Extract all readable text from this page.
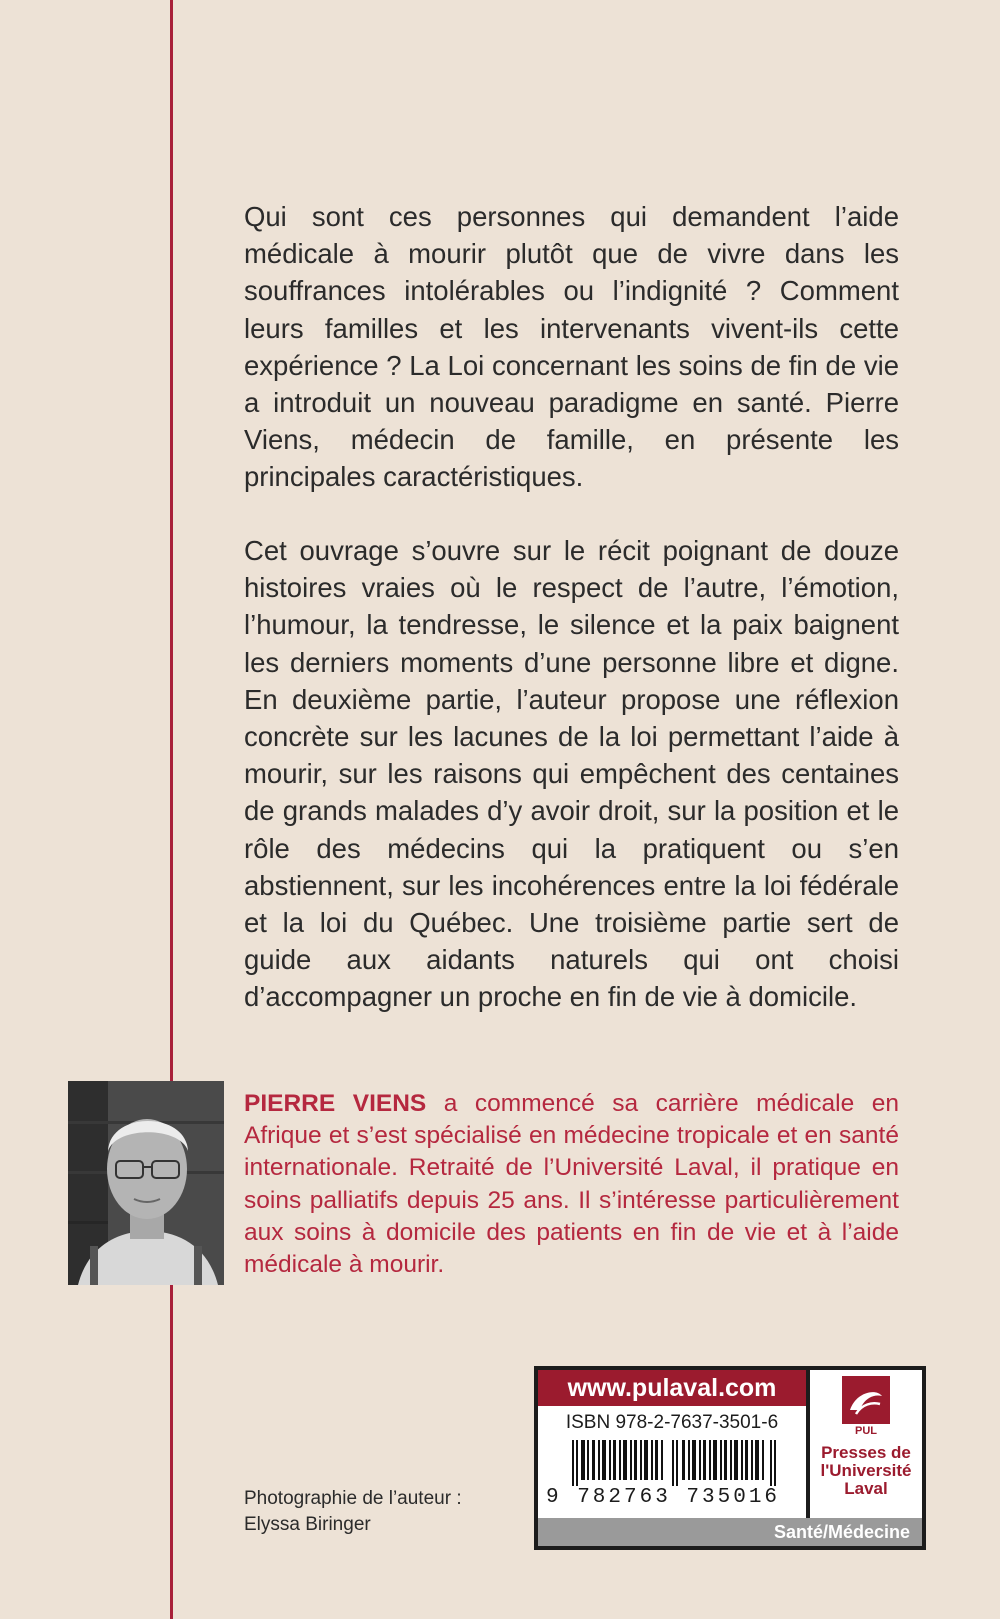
Qui sont ces personnes qui demandent l’aide médicale à mourir plutôt que de vivre dans les souffrances intolérables ou l’indignité ? Comment leurs familles et les intervenants vivent-ils cette expérience ? La Loi concernant les soins de fin de vie a introduit un nouveau paradigme en santé. Pierre Viens, médecin de famille, en présente les principales caractéristiques.

Cet ouvrage s’ouvre sur le récit poignant de douze histoires vraies où le respect de l’autre, l’émotion, l’humour, la tendresse, le silence et la paix baignent les derniers moments d’une personne libre et digne. En deuxième partie, l’auteur propose une réflexion concrète sur les lacunes de la loi permettant l’aide à mourir, sur les raisons qui empêchent des centaines de grands malades d’y avoir droit, sur la position et le rôle des médecins qui la pratiquent ou s’en abstiennent, sur les incohérences entre la loi fédérale et la loi du Québec. Une troisième partie sert de guide aux aidants naturels qui ont choisi d’accompagner un proche en fin de vie à domicile.

PIERRE VIENS a commencé sa carrière médicale en Afrique et s’est spécialisé en médecine tropicale et en santé internationale. Retraité de l’Université Laval, il pratique en soins palliatifs depuis 25 ans. Il s’intéresse particulièrement aux soins à domicile des patients en fin de vie et à l’aide médicale à mourir.

Photographie de l’auteur :
Elyssa Biringer
www.pulaval.com
ISBN 978-2-7637-3501-6
9 782763 735016
PUL
Presses de
l'Université
Laval
Santé/Médecine
